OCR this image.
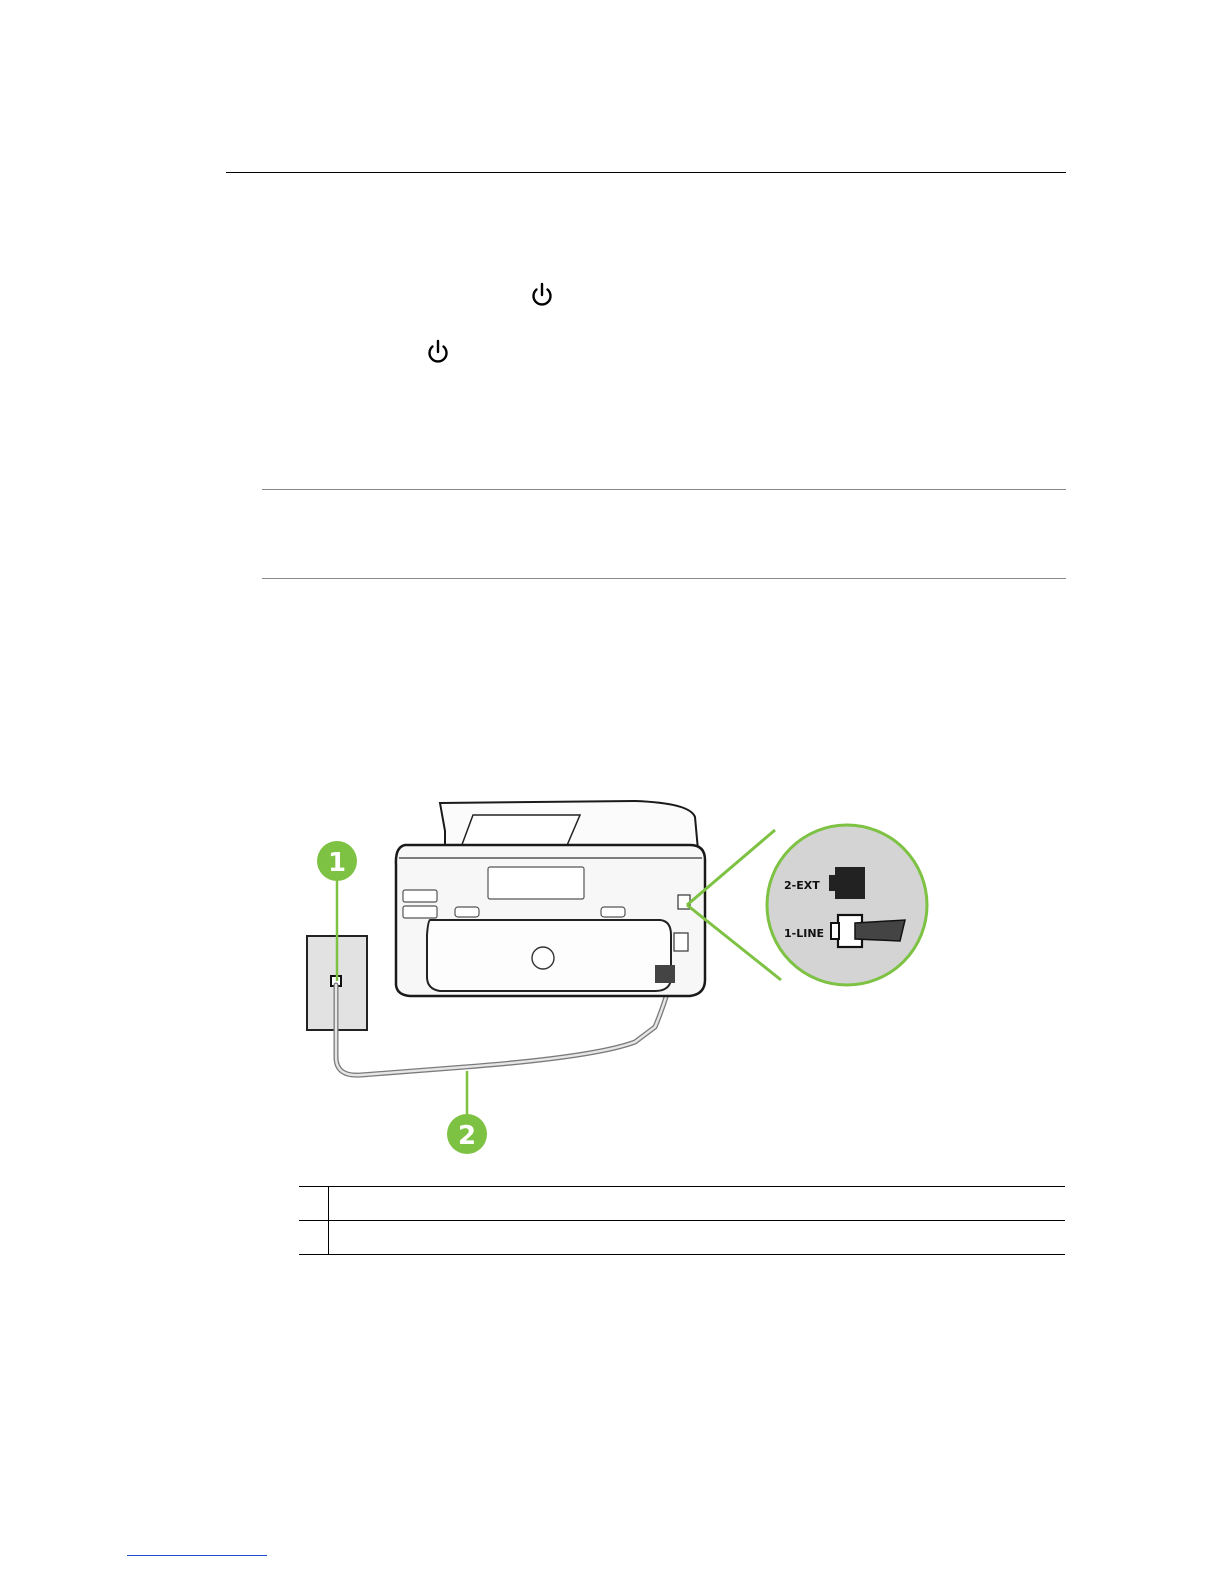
2-EXT
1-LINE
1
2
